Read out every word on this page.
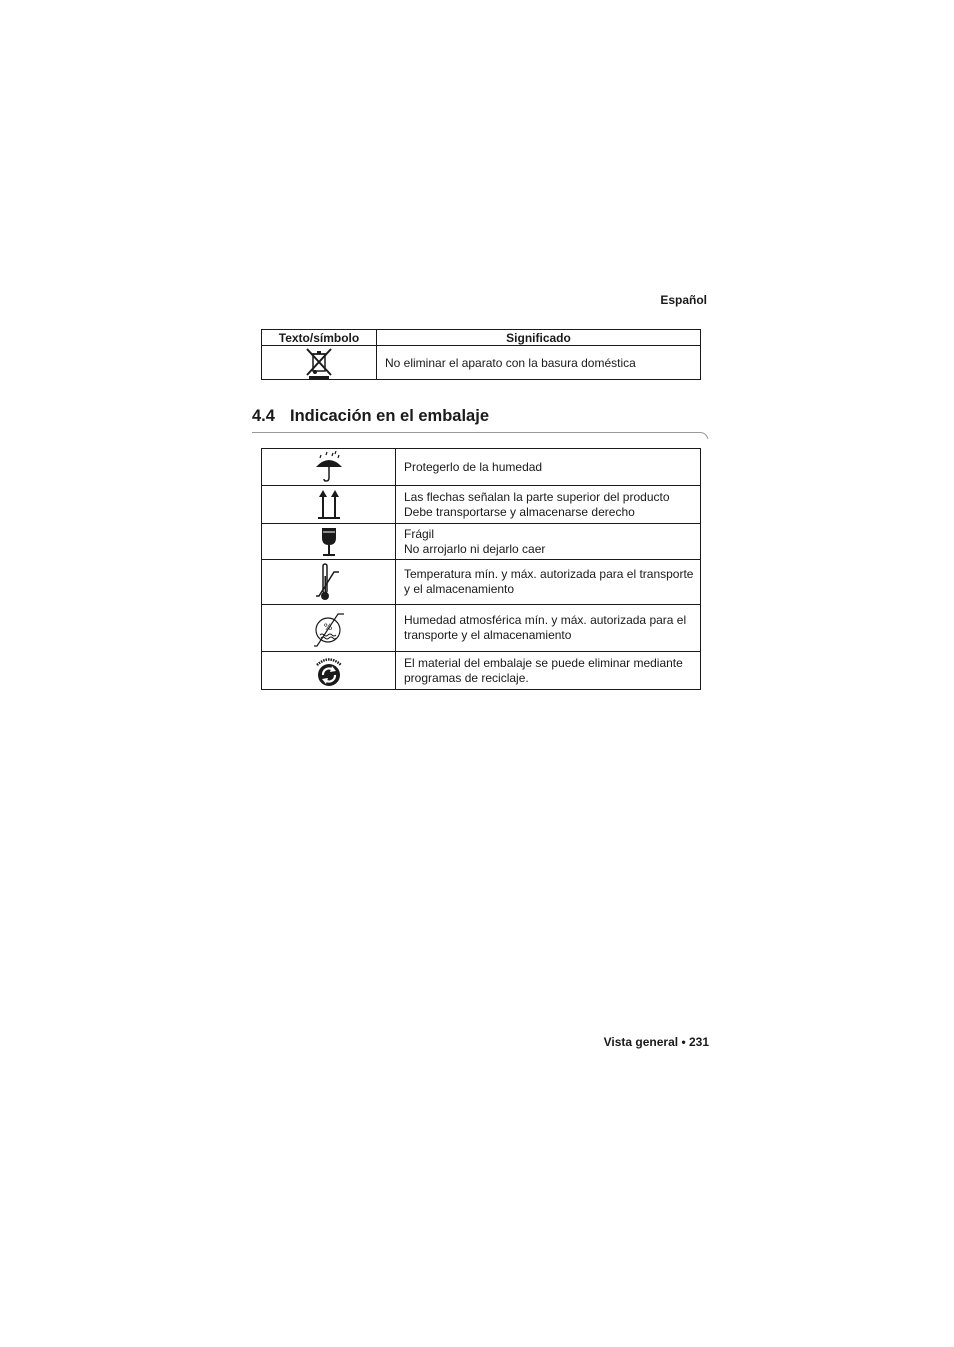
Español
Texto/símbolo	Significado

	No eliminar el aparato con la basura doméstica
4.4 Indicación en el embalaje

Protegerlo de la humedad

Las flechas señalan la parte superior del producto
Debe transportarse y almacenarse derecho

Frágil
No arrojarlo ni dejarlo caer

Temperatura mín. y máx. autorizada para el transporte y el almacenamiento

%	Humedad atmosférica mín. y máx. autorizada para el transporte y el almacenamiento

El material del embalaje se puede eliminar mediante programas de reciclaje.
Vista general • 231
